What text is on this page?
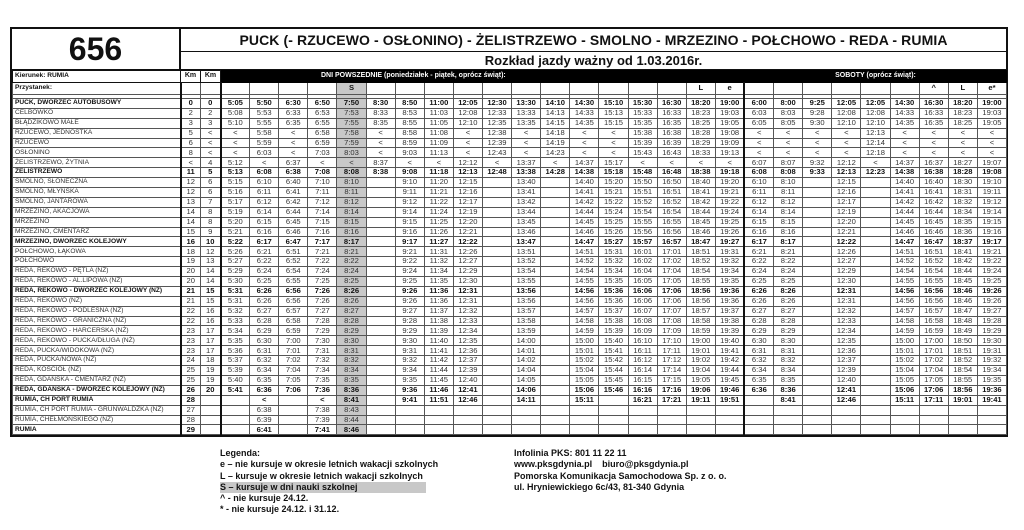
656	PUCK (- RZUCEWO - OSŁONINO) - ŻELISTRZEWO - SMOLNO - MRZEZINO - POŁCHOWO - REDA - RUMIA
Rozkład jazdy ważny od 1.03.2016r.
Kierunek: RUMIA	Km	Km	DNI POWSZEDNIE (poniedziałek - piątek, oprócz świąt):																		SOBOTY (oprócz świąt):								
Przystanek:							S												L	e							^	L	e*

PUCK, DWORZEC AUTOBUSOWY	0	0	5:05	5:50	6:30	6:50	7:50	8:30	8:50	11:00	12:05	12:30	13:30	14:10	14:30	15:10	15:30	16:30	18:20	19:00	6:00	8:00	9:25	12:05	12:05	14:30	16:30	18:20	19:00
CELBÓWKO	2	2	5:08	5:53	6:33	6:53	7:53	8:33	8:53	11:03	12:08	12:33	13:33	14:13	14:33	15:13	15:33	16:33	18:23	19:03	6:03	8:03	9:28	12:08	12:08	14:33	16:33	18:23	19:03
BŁĄDZIKOWO MAŁE	3	3	5:10	5:55	6:35	6:55	7:55	8:35	8:55	11:05	12:10	12:35	13:35	14:15	14:35	15:15	15:35	16:35	18:25	19:05	6:05	8:05	9:30	12:10	12:10	14:35	16:35	18:25	19:05
RZUCEWO, JEDNOSTKA	5	<	<	5:58	<	6:58	7:58	<	8:58	11:08	<	12:38	<	14:18	<	<	15:38	16:38	18:28	19:08	<	<	<	<	12:13	<	<	<	<
RZUCEWO	6	<	<	5:59	<	6:59	7:59	<	8:59	11:09	<	12:39	<	14:19	<	<	15:39	16:39	18:29	19:09	<	<	<	<	12:14	<	<	<	<
OSŁONINO	8	<	<	6:03	<	7:03	8:03	<	9:03	11:13	<	12:43	<	14:23	<	<	15:43	16:43	18:33	19:13	<	<	<	<	12:18	<	<	<	<
ŻELISTRZEWO, ŻYTNIA	<	4	5:12	<	6:37	<	<	8:37	<	<	12:12	<	13:37	<	14:37	15:17	<	<	<	<	6:07	8:07	9:32	12:12	<	14:37	16:37	18:27	19:07
ŻELISTRZEWO	11	5	5:13	6:08	6:38	7:08	8:08	8:38	9:08	11:18	12:13	12:48	13:38	14:28	14:38	15:18	15:48	16:48	18:38	19:18	6:08	8:08	9:33	12:13	12:23	14:38	16:38	18:28	19:08
SMOLNO, SŁONECZNA	12	6	5:15	6:10	6:40	7:10	8:10		9:10	11:20	12:15		13:40		14:40	15:20	15:50	16:50	18:40	19:20	6:10	8:10		12:15		14:40	16:40	18:30	19:10
SMOLNO, MŁYŃSKA	12	6	5:16	6:11	6:41	7:11	8:11		9:11	11:21	12:16		13:41		14:41	15:21	15:51	16:51	18:41	19:21	6:11	8:11		12:16		14:41	16:41	18:31	19:11
SMOLNO, JANTAROWA	13	7	5:17	6:12	6:42	7:12	8:12		9:12	11:22	12:17		13:42		14:42	15:22	15:52	16:52	18:42	19:22	6:12	8:12		12:17		14:42	16:42	18:32	19:12
MRZEZINO, AKACJOWA	14	8	5:19	6:14	6:44	7:14	8:14		9:14	11:24	12:19		13:44		14:44	15:24	15:54	16:54	18:44	19:24	6:14	8:14		12:19		14:44	16:44	18:34	19:14
MRZEZINO	14	8	5:20	6:15	6:45	7:15	8:15		9:15	11:25	12:20		13:45		14:45	15:25	15:55	16:55	18:45	19:25	6:15	8:15		12:20		14:45	16:45	18:35	19:15
MRZEZINO, CMENTARZ	15	9	5:21	6:16	6:46	7:16	8:16		9:16	11:26	12:21		13:46		14:46	15:26	15:56	16:56	18:46	19:26	6:16	8:16		12:21		14:46	16:46	18:36	19:16
MRZEZINO, DWORZEC KOLEJOWY	16	10	5:22	6:17	6:47	7:17	8:17		9:17	11:27	12:22		13:47		14:47	15:27	15:57	16:57	18:47	19:27	6:17	8:17		12:22		14:47	16:47	18:37	19:17
POŁCHOWO, ŁĄKOWA	18	12	5:26	6:21	6:51	7:21	8:21		9:21	11:31	12:26		13:51		14:51	15:31	16:01	17:01	18:51	19:31	6:21	8:21		12:26		14:51	16:51	18:41	19:21
POŁCHOWO	19	13	5:27	6:22	6:52	7:22	8:22		9:22	11:32	12:27		13:52		14:52	15:32	16:02	17:02	18:52	19:32	6:22	8:22		12:27		14:52	16:52	18:42	19:22
REDA, REKOWO - PĘTLA (NŻ)	20	14	5:29	6:24	6:54	7:24	8:24		9:24	11:34	12:29		13:54		14:54	15:34	16:04	17:04	18:54	19:34	6:24	8:24		12:29		14:54	16:54	18:44	19:24
REDA, REKOWO - AL.LIPOWA (NŻ)	20	14	5:30	6:25	6:55	7:25	8:25		9:25	11:35	12:30		13:55		14:55	15:35	16:05	17:05	18:55	19:35	6:25	8:25		12:30		14:55	16:55	18:45	19:25
REDA, REKOWO - DWORZEC KOLEJOWY (NŻ)	21	15	5:31	6:26	6:56	7:26	8:26		9:26	11:36	12:31		13:56		14:56	15:36	16:06	17:06	18:56	19:36	6:26	8:26		12:31		14:56	16:56	18:46	19:26
REDA, REKOWO (NŻ)	21	15	5:31	6:26	6:56	7:26	8:26		9:26	11:36	12:31		13:56		14:56	15:36	16:06	17:06	18:56	19:36	6:26	8:26		12:31		14:56	16:56	18:46	19:26
REDA, REKOWO - PODLEŚNA (NŻ)	22	16	5:32	6:27	6:57	7:27	8:27		9:27	11:37	12:32		13:57		14:57	15:37	16:07	17:07	18:57	19:37	6:27	8:27		12:32		14:57	16:57	18:47	19:27
REDA, REKOWO - GRANICZNA (NŻ)	22	16	5:33	6:28	6:58	7:28	8:28		9:28	11:38	12:33		13:58		14:58	15:38	16:08	17:08	18:58	19:38	6:28	8:28		12:33		14:58	16:58	18:48	19:28
REDA, REKOWO - HARCERSKA (NŻ)	23	17	5:34	6:29	6:59	7:29	8:29		9:29	11:39	12:34		13:59		14:59	15:39	16:09	17:09	18:59	19:39	6:29	8:29		12:34		14:59	16:59	18:49	19:29
REDA, REKOWO - PUCKA/DŁUGA (NŻ)	23	17	5:35	6:30	7:00	7:30	8:30		9:30	11:40	12:35		14:00		15:00	15:40	16:10	17:10	19:00	19:40	6:30	8:30		12:35		15:00	17:00	18:50	19:30
REDA, PUCKA/WIDOKOWA (NŻ)	23	17	5:36	6:31	7:01	7:31	8:31		9:31	11:41	12:36		14:01		15:01	15:41	16:11	17:11	19:01	19:41	6:31	8:31		12:36		15:01	17:01	18:51	19:31
REDA, PUCKA/NOWA (NŻ)	24	18	5:37	6:32	7:02	7:32	8:32		9:32	11:42	12:37		14:02		15:02	15:42	16:12	17:12	19:02	19:42	6:32	8:32		12:37		15:02	17:02	18:52	19:32
REDA, KOŚCIÓŁ (NŻ)	25	19	5:39	6:34	7:04	7:34	8:34		9:34	11:44	12:39		14:04		15:04	15:44	16:14	17:14	19:04	19:44	6:34	8:34		12:39		15:04	17:04	18:54	19:34
REDA, GDAŃSKA - CMENTARZ (NŻ)	25	19	5:40	6:35	7:05	7:35	8:35		9:35	11:45	12:40		14:05		15:05	15:45	16:15	17:15	19:05	19:45	6:35	8:35		12:40		15:05	17:05	18:55	19:35
REDA, GDAŃSKA - DWORZEC KOLEJOWY (NŻ)	26	20	5:41	6:36	7:06	7:36	8:36		9:36	11:46	12:41		14:06		15:06	15:46	16:16	17:16	19:06	19:46	6:36	8:36		12:41		15:06	17:06	18:56	19:36
RUMIA, CH PORT RUMIA	28			<		<	8:41		9:41	11:51	12:46		14:11		15:11		16:21	17:21	19:11	19:51		8:41		12:46		15:11	17:11	19:01	19:41
RUMIA, CH PORT RUMIA - GRUNWALDZKA (NŻ)	27			6:38		7:38	8:43																						
RUMIA, CHEŁMOŃSKIEGO (NŻ)	28			6:39		7:39	8:44																						
RUMIA	29			6:41		7:41	8:46																						
Legenda:
e – nie kursuje w okresie letnich wakacji szkolnych
L – kursuje w okresie letnich wakacji szkolnych
S – kursuje w dni nauki szkolnej
^ - nie kursuje 24.12.
* - nie kursuje 24.12. i 31.12.
Infolinia PKS: 801 11 22 11
www.pksgdynia.pl    biuro@pksgdynia.pl
Pomorska Komunikacja Samochodowa Sp. z o. o.
ul. Hryniewickiego 6c/43, 81-340 Gdynia
